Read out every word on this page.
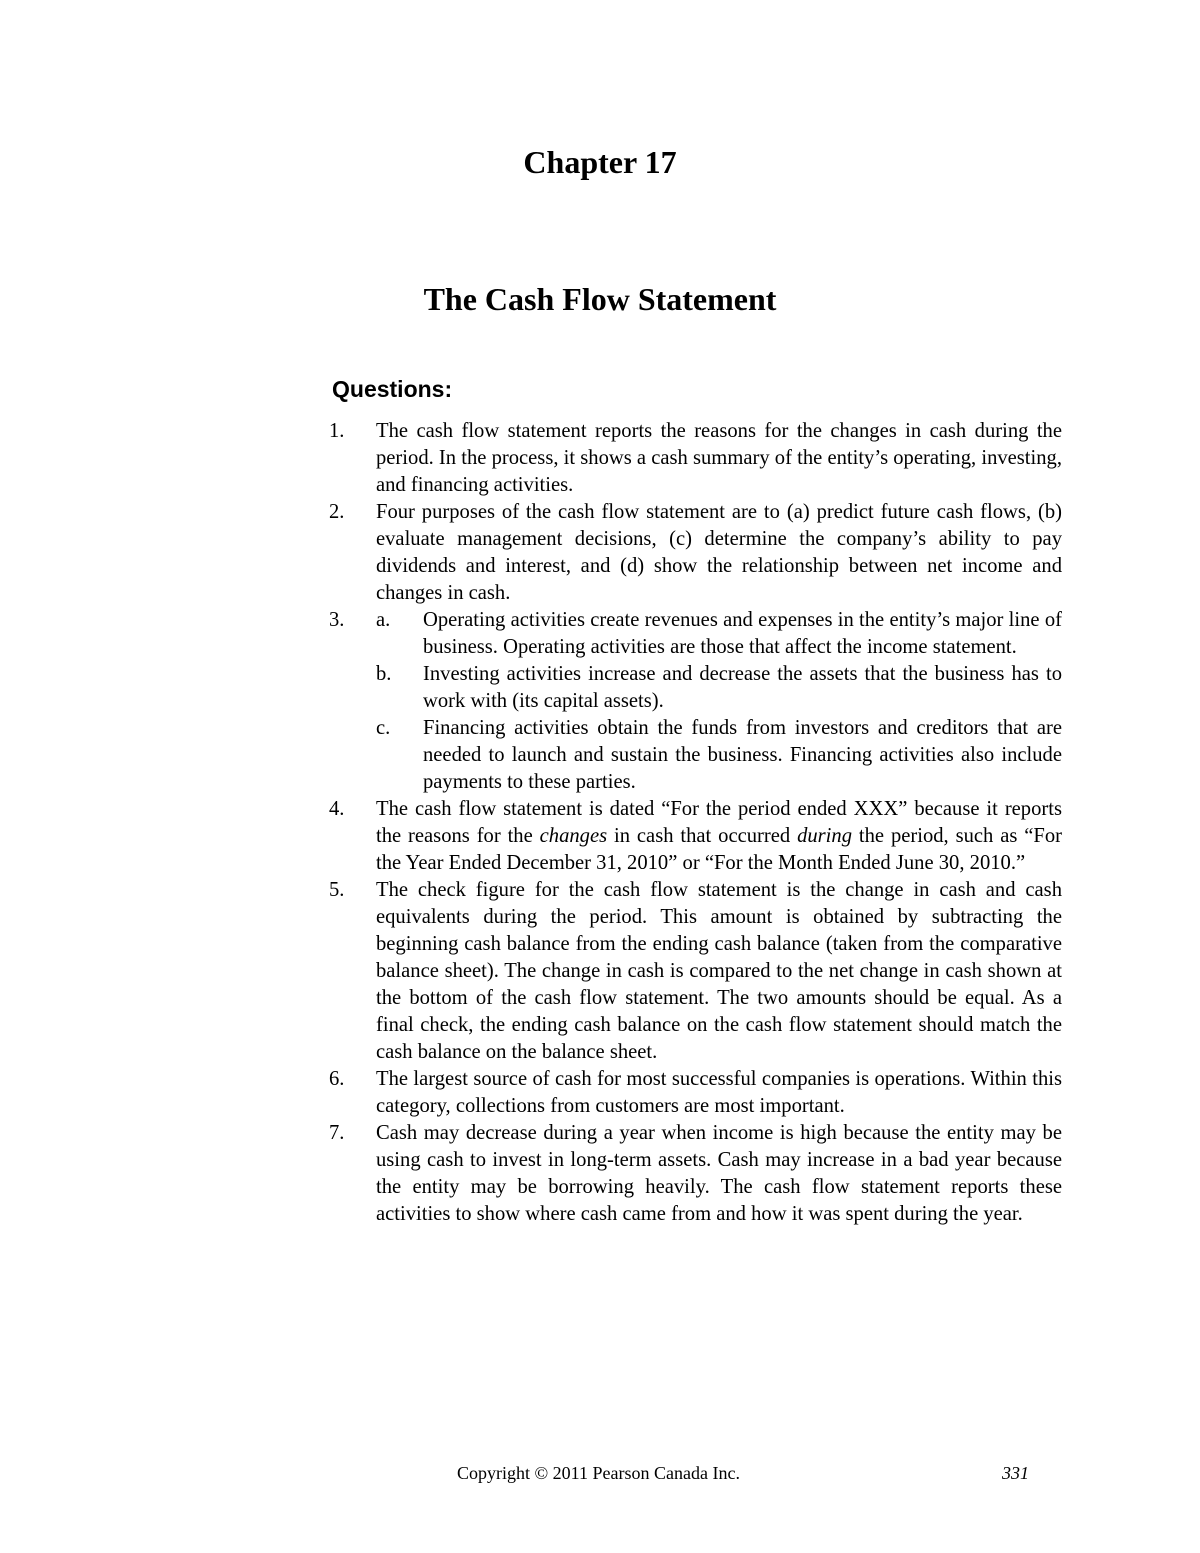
Chapter 17
The Cash Flow Statement
Questions:
1. The cash flow statement reports the reasons for the changes in cash during the period. In the process, it shows a cash summary of the entity’s operating, investing, and financing activities.
2. Four purposes of the cash flow statement are to (a) predict future cash flows, (b) evaluate management decisions, (c) determine the company’s ability to pay dividends and interest, and (d) show the relationship between net income and changes in cash.
3. a. Operating activities create revenues and expenses in the entity’s major line of business. Operating activities are those that affect the income statement.
b. Investing activities increase and decrease the assets that the business has to work with (its capital assets).
c. Financing activities obtain the funds from investors and creditors that are needed to launch and sustain the business. Financing activities also include payments to these parties.
4. The cash flow statement is dated “For the period ended XXX” because it reports the reasons for the changes in cash that occurred during the period, such as “For the Year Ended December 31, 2010” or “For the Month Ended June 30, 2010.”
5. The check figure for the cash flow statement is the change in cash and cash equivalents during the period. This amount is obtained by subtracting the beginning cash balance from the ending cash balance (taken from the comparative balance sheet). The change in cash is compared to the net change in cash shown at the bottom of the cash flow statement. The two amounts should be equal. As a final check, the ending cash balance on the cash flow statement should match the cash balance on the balance sheet.
6. The largest source of cash for most successful companies is operations. Within this category, collections from customers are most important.
7. Cash may decrease during a year when income is high because the entity may be using cash to invest in long-term assets. Cash may increase in a bad year because the entity may be borrowing heavily. The cash flow statement reports these activities to show where cash came from and how it was spent during the year.
Copyright © 2011 Pearson Canada Inc.	331
